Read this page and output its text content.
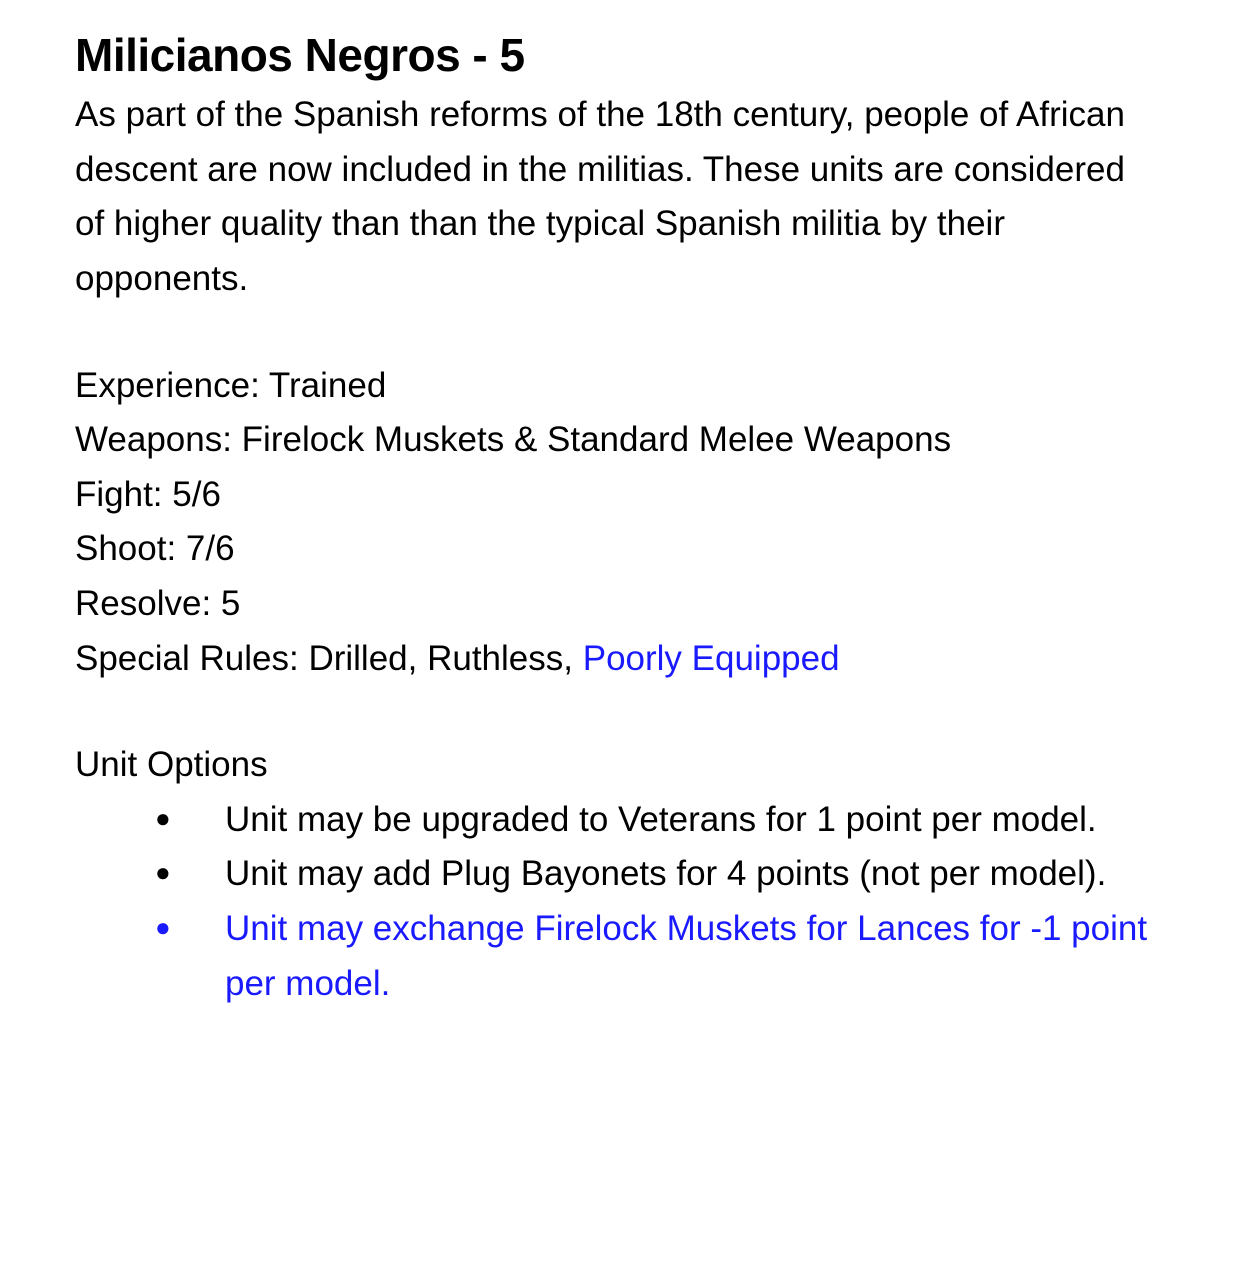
Milicianos Negros - 5

As part of the Spanish reforms of the 18th century, people of African descent are now included in the militias. These units are considered of higher quality than than the typical Spanish militia by their opponents.

Experience: Trained

Weapons: Firelock Muskets & Standard Melee Weapons

Fight: 5/6

Shoot: 7/6

Resolve: 5

Special Rules: Drilled, Ruthless, Poorly Equipped

Unit Options

● Unit may be upgraded to Veterans for 1 point per model.
● Unit may add Plug Bayonets for 4 points (not per model).
● Unit may exchange Firelock Muskets for Lances for -1 point per model.
